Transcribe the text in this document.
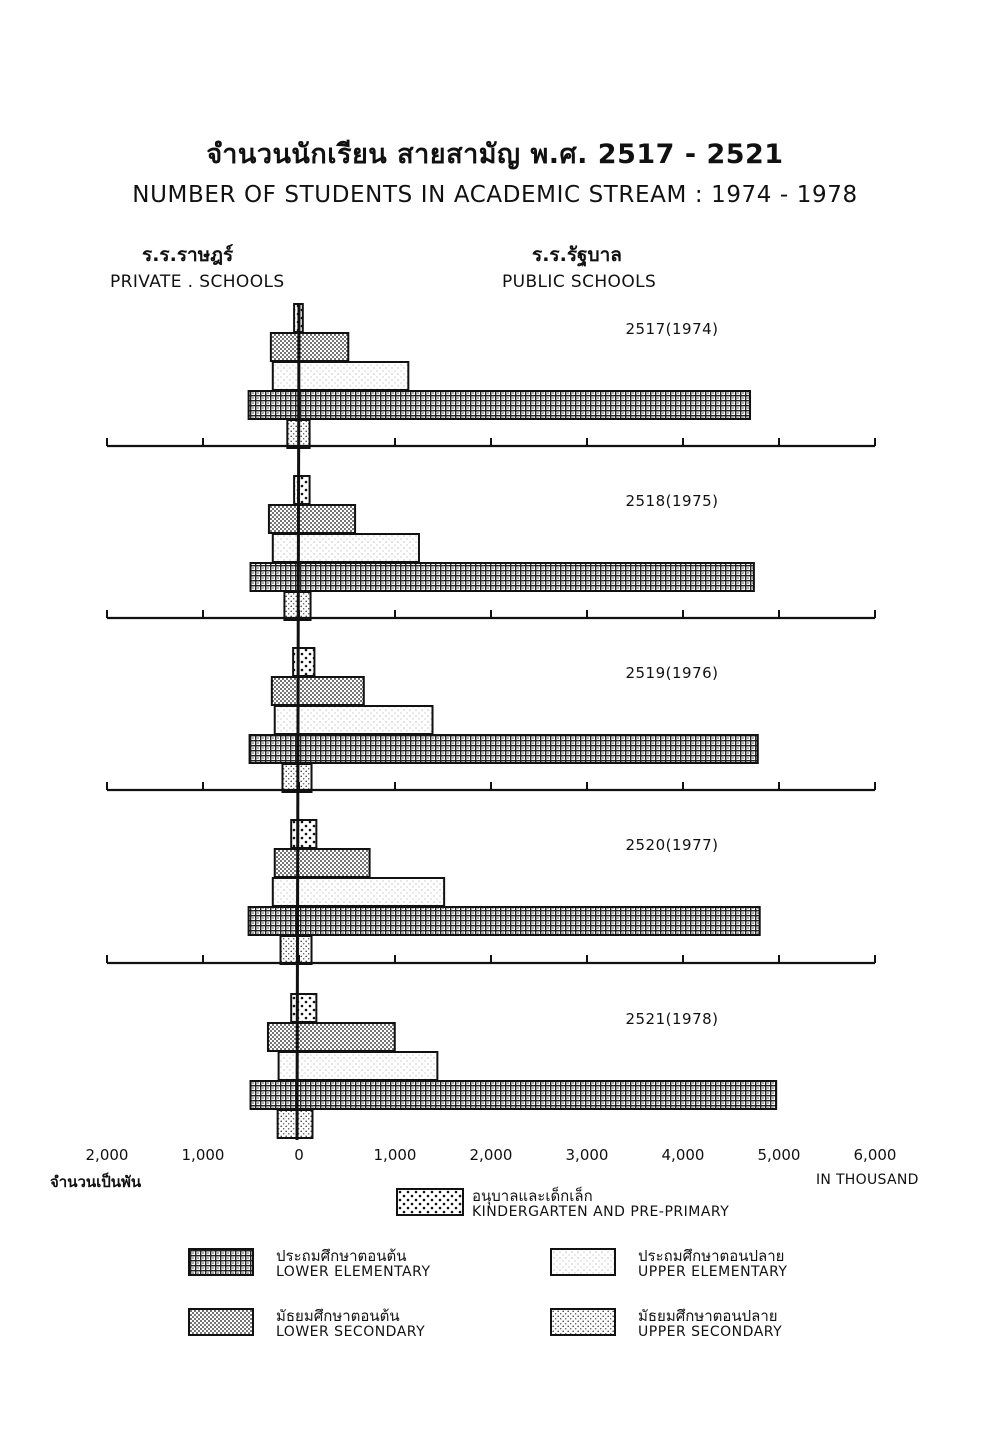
จำนวนนักเรียน สายสามัญ พ.ศ. 2517 - 2521
NUMBER OF STUDENTS IN ACADEMIC STREAM : 1974 - 1978
ร.ร.ราษฎร์
PRIVATE . SCHOOLS
ร.ร.รัฐบาล
PUBLIC SCHOOLS
2517(1974)
2518(1975)
2519(1976)
2520(1977)
2521(1978)
2,000	1,000	0	1,000	2,000	3,000	4,000	5,000	6,000
จำนวนเป็นพัน	IN THOUSAND
อนุบาลและเด็กเล็ก
KINDERGARTEN AND PRE-PRIMARY
ประถมศึกษาตอนต้น
LOWER ELEMENTARY
ประถมศึกษาตอนปลาย
UPPER ELEMENTARY
มัธยมศึกษาตอนต้น
LOWER SECONDARY
มัธยมศึกษาตอนปลาย
UPPER SECONDARY
